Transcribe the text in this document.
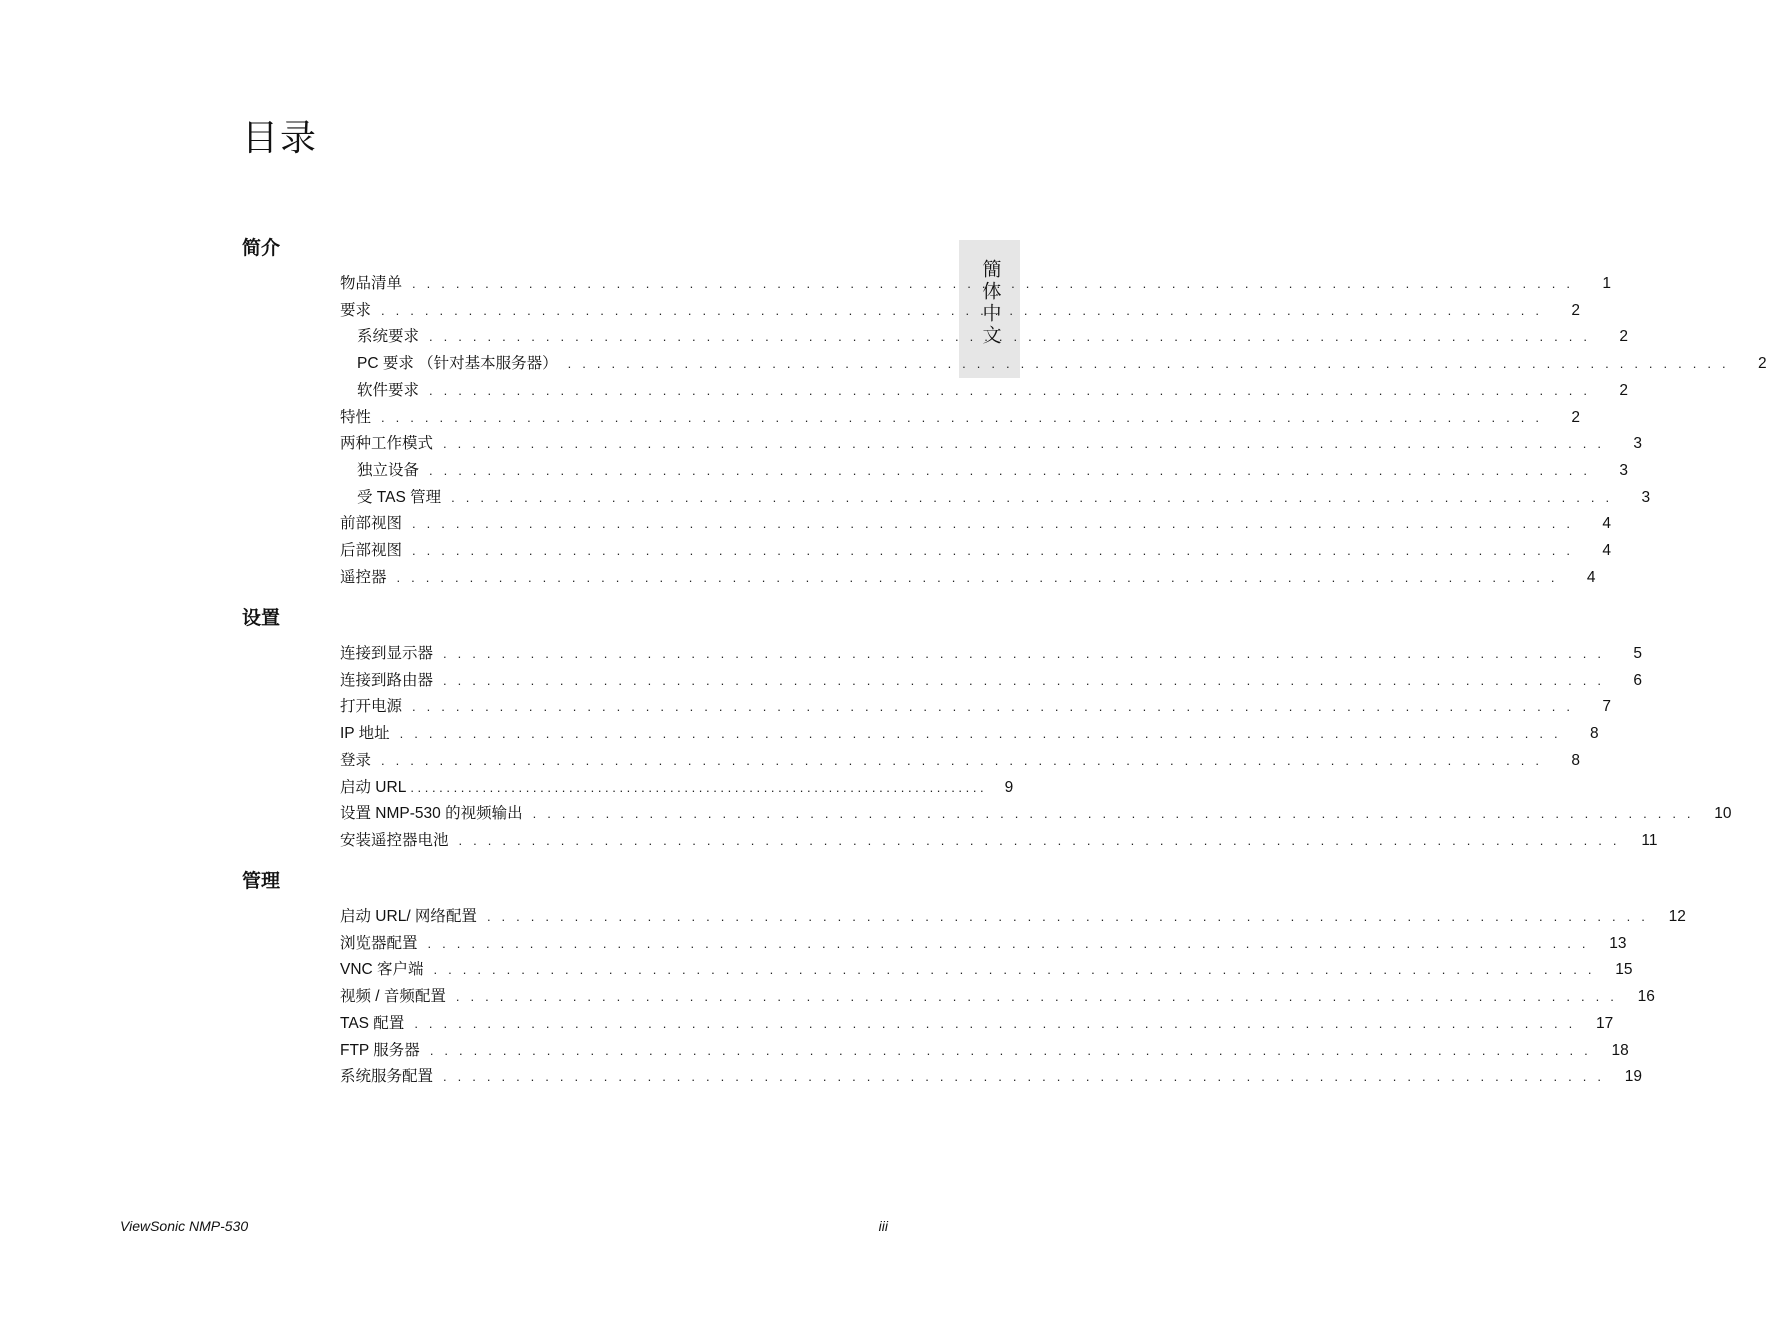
目录
簡体中文
简介
物品清单 ................................................................................	1
要求 ................................................................................	2
系统要求 ................................................................................	2
PC 要求 （针对基本服务器） ................................................................................	2
软件要求 ................................................................................	2
特性 ................................................................................	2
两种工作模式 ................................................................................	3
独立设备 ................................................................................	3
受 TAS 管理 ................................................................................	3
前部视图 ................................................................................	4
后部视图 ................................................................................	4
遥控器 ................................................................................	4
设置
连接到显示器 ................................................................................	5
连接到路由器 ................................................................................	6
打开电源 ................................................................................	7
IP 地址 ................................................................................	8
登录 ................................................................................	8
启动 URL ................................................................................	9
设置 NMP-530 的视频输出 ................................................................................ 10
安装遥控器电池 ................................................................................ 11
管理
启动 URL/ 网络配置 ................................................................................ 12
浏览器配置 ................................................................................ 13
VNC 客户端 ................................................................................ 15
视频 / 音频配置 ................................................................................ 16
TAS 配置 ................................................................................ 17
FTP 服务器 ................................................................................ 18
系统服务配置 ................................................................................ 19
ViewSonic NMP-530	iii
